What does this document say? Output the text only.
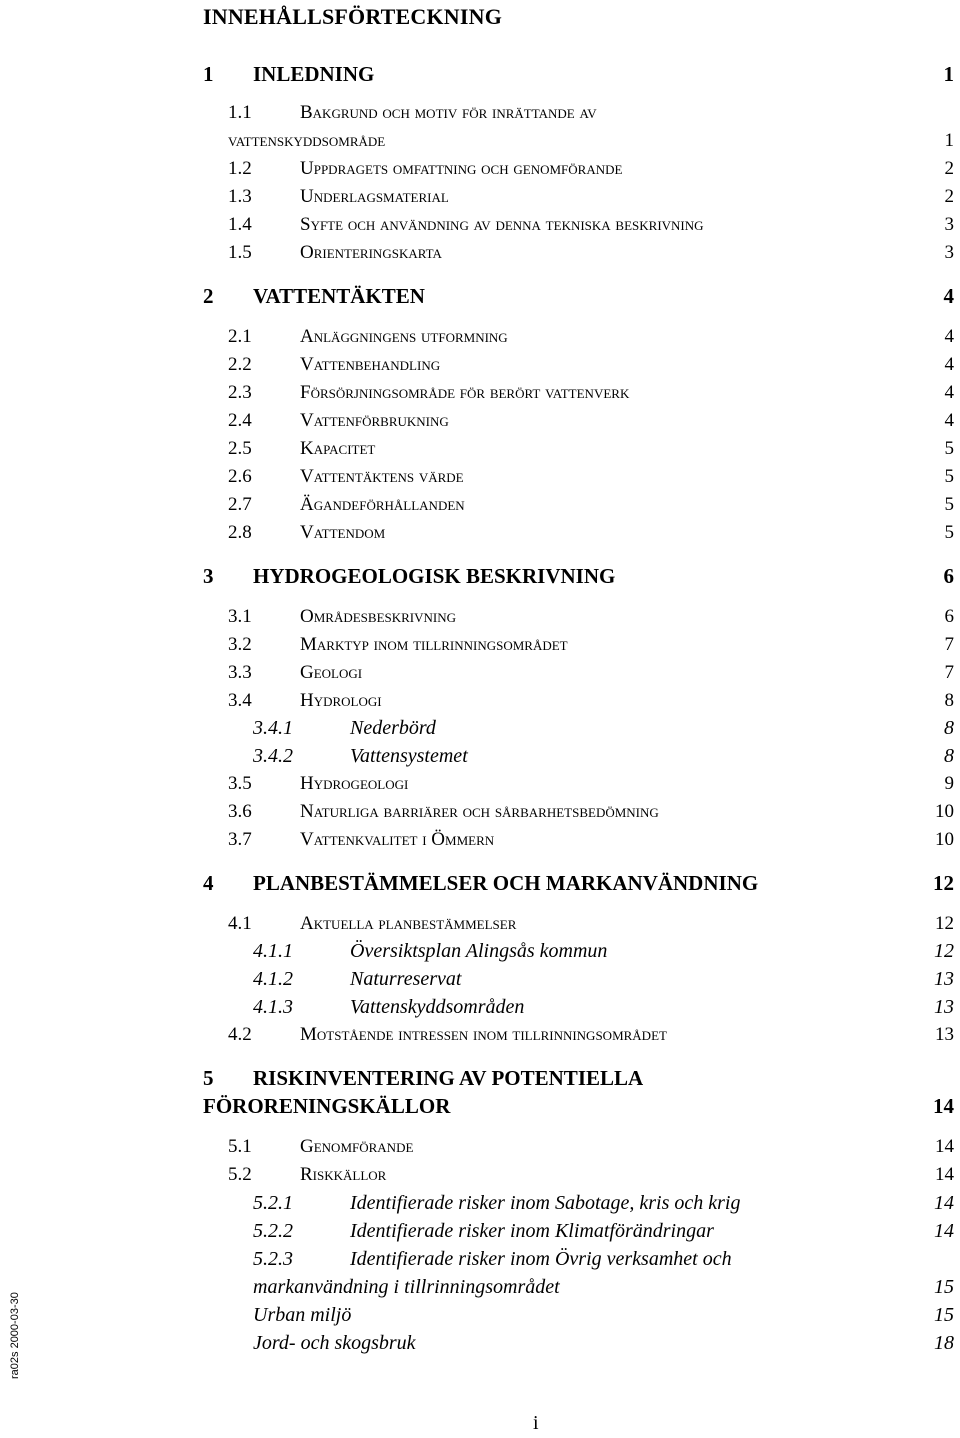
INNEHÅLLSFÖRTECKNING
1 INLEDNING	1
1.1	Bakgrund och motiv för inrättande av
vattenskyddsområde	1
1.2	Uppdragets omfattning och genomförande	2
1.3	Underlagsmaterial	2
1.4	Syfte och användning av denna tekniska beskrivning	3
1.5	Orienteringskarta	3
2 VATTENTÄKTEN	4
2.1	Anläggningens utformning	4
2.2	Vattenbehandling	4
2.3	Försörjningsområde för berört vattenverk	4
2.4	Vattenförbrukning	4
2.5	Kapacitet	5
2.6	Vattentäktens värde	5
2.7	Ägandeförhållanden	5
2.8	Vattendom	5
3 HYDROGEOLOGISK BESKRIVNING	6
3.1	Områdesbeskrivning	6
3.2	Marktyp inom tillrinningsområdet	7
3.3	Geologi	7
3.4	Hydrologi	8
3.4.1	Nederbörd	8
3.4.2	Vattensystemet	8
3.5	Hydrogeologi	9
3.6	Naturliga barriärer och sårbarhetsbedömning	10
3.7	Vattenkvalitet i Ömmern	10
4 PLANBESTÄMMELSER OCH MARKANVÄNDNING	12
4.1	Aktuella planbestämmelser	12
4.1.1	Översiktsplan Alingsås kommun	12
4.1.2	Naturreservat	13
4.1.3	Vattenskyddsområden	13
4.2	Motstående intressen inom tillrinningsområdet	13
5 RISKINVENTERING AV POTENTIELLA
FÖRORENINGSKÄLLOR	14
5.1	Genomförande	14
5.2	Riskkällor	14
5.2.1	Identifierade risker inom Sabotage, kris och krig	14
5.2.2	Identifierade risker inom Klimatförändringar	14
5.2.3	Identifierade risker inom Övrig verksamhet och
markanvändning i tillrinningsområdet	15
Urban miljö	15
Jord- och skogsbruk	18
ra02s 2000-03-30
i
